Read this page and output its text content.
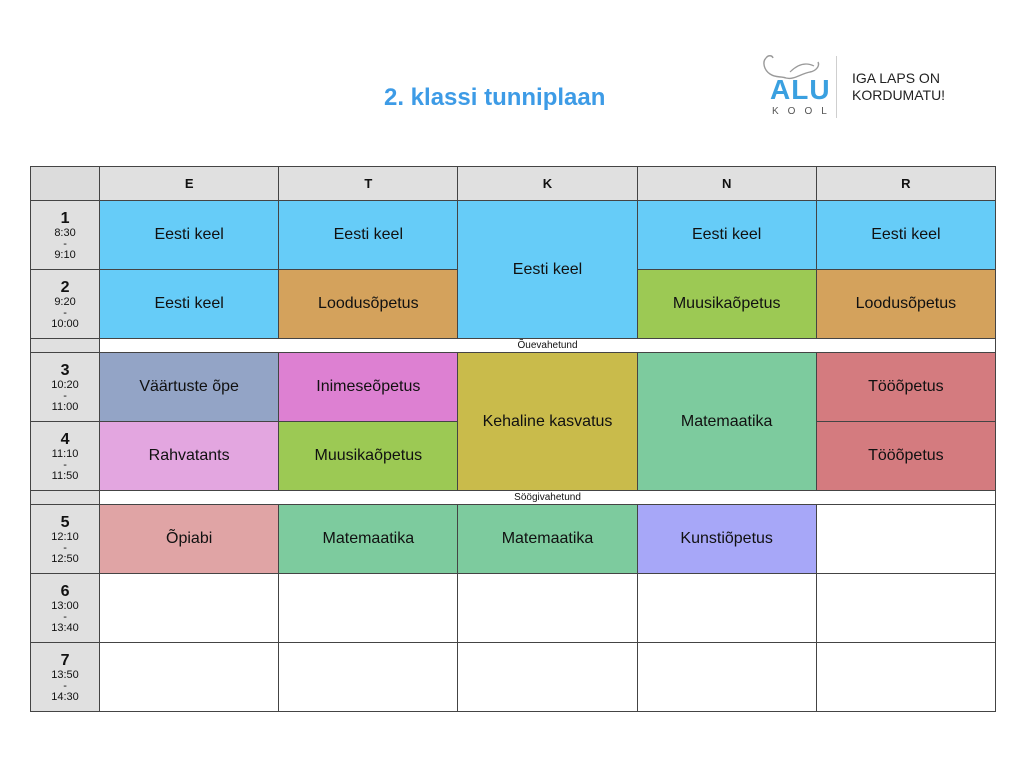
2. klassi tunniplaan	ALU
KOOL
IGA LAPS ON
KORDUMATU!
	E	T	K	N	R

1
8:30
-
9:10	Eesti keel	Eesti keel	Eesti keel	Eesti keel	Eesti keel

2
9:20
-
10:00	Eesti keel	Loodusõpetus		Muusikaõpetus	Loodusõpetus
	Õuevahetund				

3
10:20
-
11:00	Väärtuste õpe	Inimeseõpetus	Kehaline kasvatus	Matemaatika	Tööõpetus

4
11:10
-
11:50	Rahvatants	Muusikaõpetus			Tööõpetus
	Söögivahetund				

5
12:10
-
12:50	Õpiabi	Matemaatika	Matemaatika	Kunstiõpetus	

6
13:00
-
13:40					

7
13:50
-
14:30					
